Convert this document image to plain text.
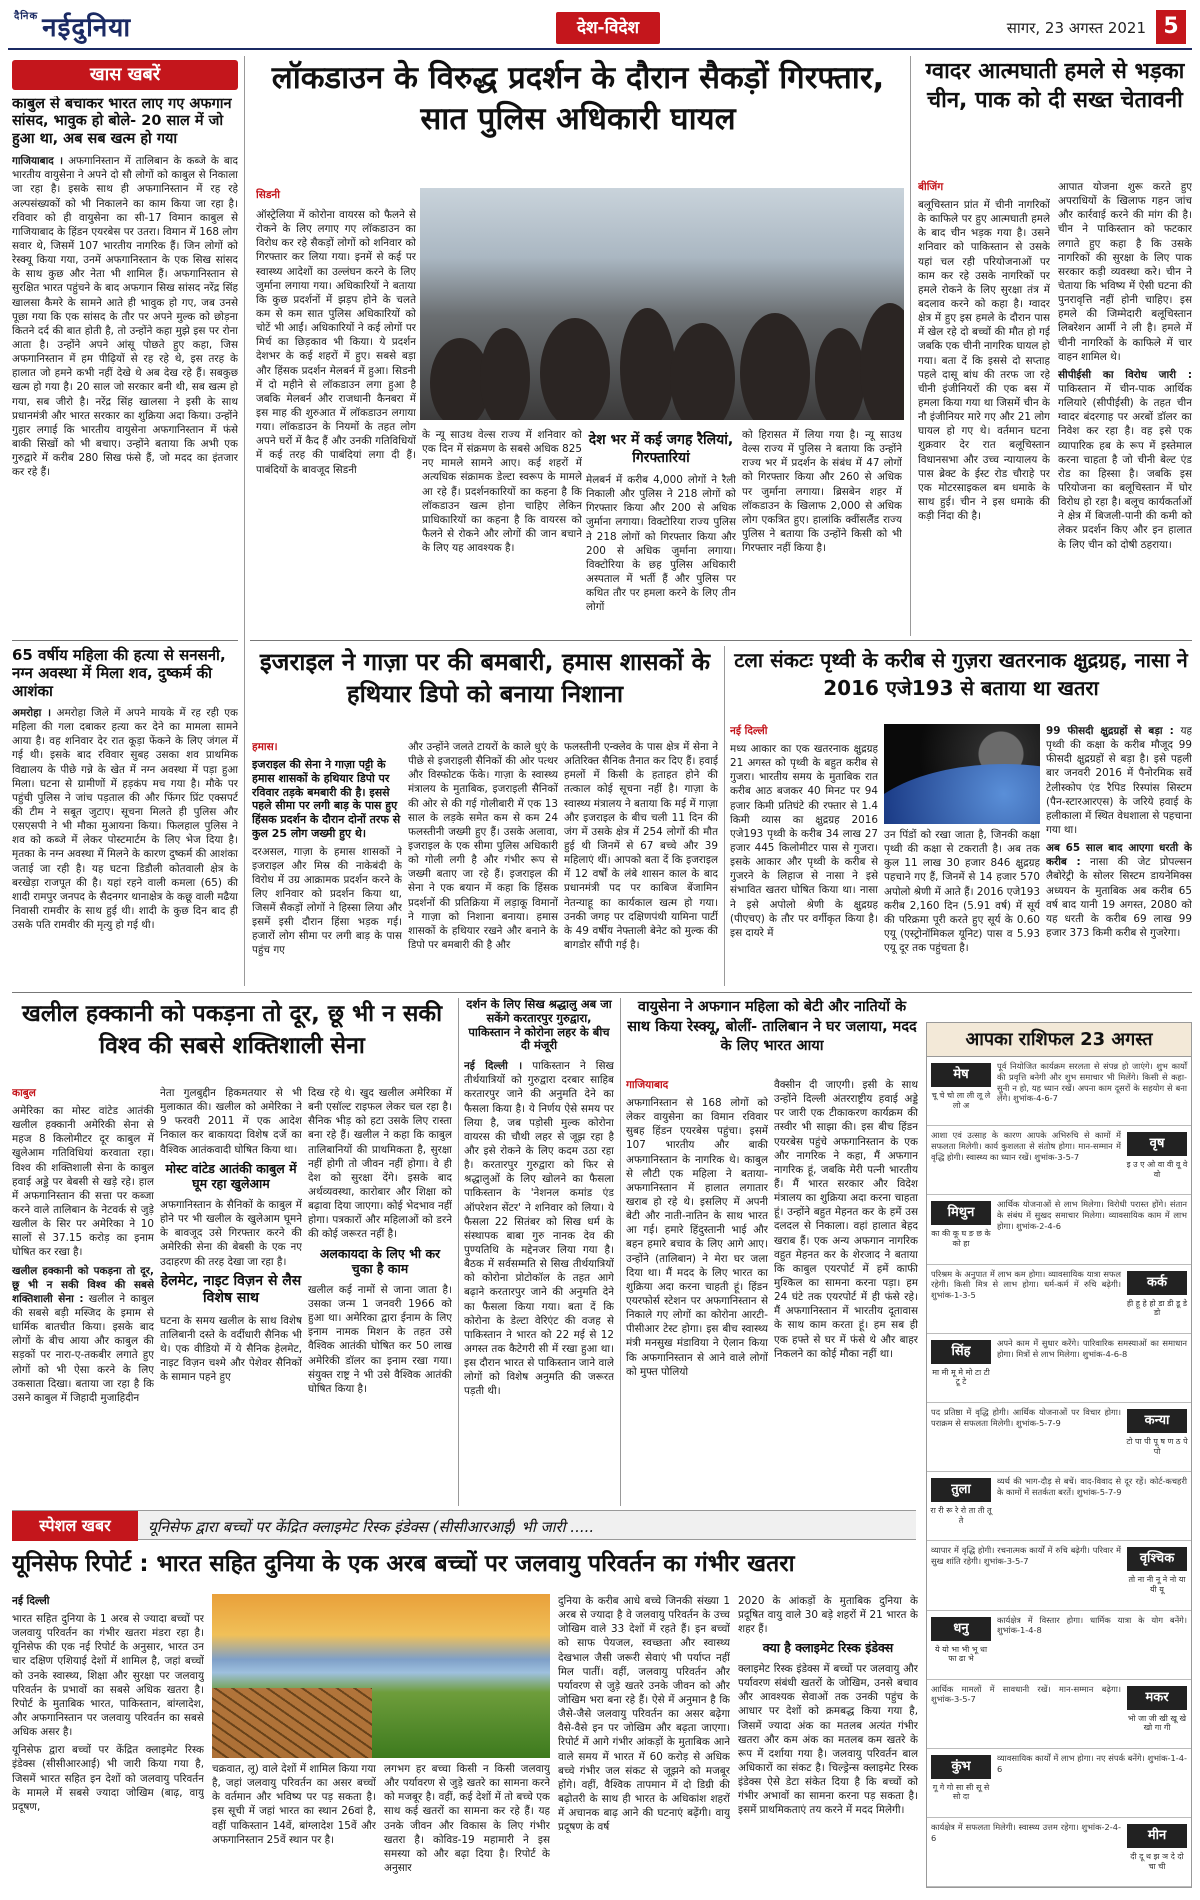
$^{दैनिक}$ नईदुनिया	देश-विदेश	सागर, 23 अगस्त 2021 5
खास खबरें
काबुल से बचाकर भारत लाए गए अफगान सांसद, भावुक हो बोले- 20 साल में जो हुआ था, अब सब खत्म हो गया

गाजियाबाद । अफगानिस्तान में तालिबान के कब्जे के बाद भारतीय वायुसेना ने अपने दो सौ लोगों को काबुल से निकाला जा रहा है। इसके साथ ही अफगानिस्तान में रह रहे अल्पसंख्यकों को भी निकालने का काम किया जा रहा है। रविवार को ही वायुसेना का सी-17 विमान काबुल से गाजियाबाद के हिंडन एयरबेस पर उतरा। विमान में 168 लोग सवार थे, जिसमें 107 भारतीय नागरिक हैं। जिन लोगों को रेस्क्यू किया गया, उनमें अफगानिस्तान के एक सिख सांसद के साथ कुछ और नेता भी शामिल हैं। अफगानिस्तान से सुरक्षित भारत पहुंचने के बाद अफगान सिख सांसद नरेंद्र सिंह खालसा कैमरे के सामने आते ही भावुक हो गए, जब उनसे पूछा गया कि एक सांसद के तौर पर अपने मुल्क को छोड़ना कितने दर्द की बात होती है, तो उन्होंने कहा मुझे इस पर रोना आता है। उन्होंने अपने आंसू पोछते हुए कहा, जिस अफगानिस्तान में हम पीढ़ियों से रह रहे थे, इस तरह के हालात जो हमने कभी नहीं देखे थे अब देख रहे हैं। सबकुछ खत्म हो गया है। 20 साल जो सरकार बनी थी, सब खत्म हो गया, सब जीरो है। नरेंद्र सिंह खालसा ने इसी के साथ प्रधानमंत्री और भारत सरकार का शुक्रिया अदा किया। उन्होंने गुहार लगाई कि भारतीय वायुसेना अफगानिस्तान में फंसे बाकी सिखों को भी बचाए। उन्होंने बताया कि अभी एक गुरुद्वारे में करीब 280 सिख फंसे हैं, जो मदद का इंतजार कर रहे हैं।

65 वर्षीय महिला की हत्या से सनसनी, नग्न अवस्था में मिला शव, दुष्कर्म की आशंका

अमरोहा । अमरोहा जिले में अपने मायके में रह रही एक महिला की गला दबाकर हत्या कर देने का मामला सामने आया है। वह शनिवार देर रात कूड़ा फेंकने के लिए जंगल में गई थी। इसके बाद रविवार सुबह उसका शव प्राथमिक विद्यालय के पीछे गन्ने के खेत में नग्न अवस्था में पड़ा हुआ मिला। घटना से ग्रामीणों में हड़कंप मच गया है। मौके पर पहुंची पुलिस ने जांच पड़ताल की और फिंगर प्रिंट एक्सपर्ट की टीम ने सबूत जुटाए। सूचना मिलते ही पुलिस और एसएसपी ने भी मौका मुआयना किया। फिलहाल पुलिस ने शव को कब्जे में लेकर पोस्टमार्टम के लिए भेज दिया है। मृतका के नग्न अवस्था में मिलने के कारण दुष्कर्म की आशंका जताई जा रही है। यह घटना डिडौली कोतवाली क्षेत्र के बरखेड़ा राजपूत की है। यहां रहने वाली कमला (65) की शादी रामपुर जनपद के सैदनगर थानाक्षेत्र के कछू वाली मढैया निवासी रामवीर के साथ हुई थी। शादी के कुछ दिन बाद ही उसके पति रामवीर की मृत्यु हो गई थी।

लॉकडाउन के विरुद्ध प्रदर्शन के दौरान सैकड़ों गिरफ्तार, सात पुलिस अधिकारी घायल
सिडनी

ऑस्ट्रेलिया में कोरोना वायरस को फैलने से रोकने के लिए लगाए गए लॉकडाउन का विरोध कर रहे सैकड़ों लोगों को शनिवार को गिरफ्तार कर लिया गया। इनमें से कई पर स्वास्थ्य आदेशों का उल्लंघन करने के लिए जुर्माना लगाया गया। अधिकारियों ने बताया कि कुछ प्रदर्शनों में झड़प होने के चलते कम से कम सात पुलिस अधिकारियों को चोटें भी आईं। अधिकारियों ने कई लोगों पर मिर्च का छिड़काव भी किया। ये प्रदर्शन देशभर के कई शहरों में हुए। सबसे बड़ा और हिंसक प्रदर्शन मेलबर्न में हुआ। सिडनी में दो महीने से लॉकडाउन लगा हुआ है जबकि मेलबर्न और राजधानी कैनबरा में इस माह की शुरुआत में लॉकडाउन लगाया गया। लॉकडाउन के नियमों के तहत लोग अपने घरों में कैद हैं और उनकी गतिविधियों में कई तरह की पाबंदियां लगा दी हैं। पाबंदियों के बावजूद सिडनी

के न्यू साउथ वेल्स राज्य में शनिवार को एक दिन में संक्रमण के सबसे अधिक 825 नए मामले सामने आए। कई शहरों में अत्यधिक संक्रामक डेल्टा स्वरूप के मामले आ रहे हैं। प्रदर्शनकारियों का कहना है कि लॉकडाउन खत्म होना चाहिए लेकिन प्राधिकारियों का कहना है कि वायरस को फैलने से रोकने और लोगों की जान बचाने के लिए यह आवश्यक है।

देश भर में कई जगह रैलियां, गिरफ्तारियां

मेलबर्न में करीब 4,000 लोगों ने रैली निकाली और पुलिस ने 218 लोगों को गिरफ्तार किया और 200 से अधिक जुर्माना लगाया। विक्टोरिया राज्य पुलिस ने 218 लोगों को गिरफ्तार किया और 200 से अधिक जुर्माना लगाया। विक्टोरिया के छह पुलिस अधिकारी अस्पताल में भर्ती हैं और पुलिस पर कथित तौर पर हमला करने के लिए तीन लोगों

को हिरासत में लिया गया है। न्यू साउथ वेल्स राज्य में पुलिस ने बताया कि उन्होंने राज्य भर में प्रदर्शन के संबंध में 47 लोगों को गिरफ्तार किया और 260 से अधिक पर जुर्माना लगाया। ब्रिसबेन शहर में लॉकडाउन के खिलाफ 2,000 से अधिक लोग एकत्रित हुए। हालांकि क्वींसलैंड राज्य पुलिस ने बताया कि उन्होंने किसी को भी गिरफ्तार नहीं किया है।

ग्वादर आत्मघाती हमले से भड़का चीन, पाक को दी सख्त चेतावनी
बीजिंग

बलूचिस्तान प्रांत में चीनी नागरिकों के काफिले पर हुए आत्मघाती हमले के बाद चीन भड़क गया है। उसने शनिवार को पाकिस्तान से उसके यहां चल रही परियोजनाओं पर काम कर रहे उसके नागरिकों पर हमले रोकने के लिए सुरक्षा तंत्र में बदलाव करने को कहा है। ग्वादर क्षेत्र में हुए इस हमले के दौरान पास में खेल रहे दो बच्चों की मौत हो गई जबकि एक चीनी नागरिक घायल हो गया। बता दें कि इससे दो सप्ताह पहले दासू बांध की तरफ जा रहे चीनी इंजीनियरों की एक बस में हमला किया गया था जिसमें चीन के नौ इंजीनियर मारे गए और 21 लोग घायल हो गए थे। वर्तमान घटना शुक्रवार देर रात बलूचिस्तान विधानसभा और उच्च न्यायालय के पास ब्रेक्ट के ईस्ट रोड चौराहे पर एक मोटरसाइकल बम धमाके के साथ हुई। चीन ने इस धमाके की कड़ी निंदा की है।

आपात योजना शुरू करते हुए अपराधियों के खिलाफ गहन जांच और कार्रवाई करने की मांग की है। चीन ने पाकिस्तान को फटकार लगाते हुए कहा है कि उसके नागरिकों की सुरक्षा के लिए पाक सरकार कड़ी व्यवस्था करे। चीन ने चेताया कि भविष्य में ऐसी घटना की पुनरावृत्ति नहीं होनी चाहिए। इस हमले की जिम्मेदारी बलूचिस्तान लिबरेशन आर्मी ने ली है। हमले में चीनी नागरिकों के काफिले में चार वाहन शामिल थे।

सीपीईसी का विरोध जारी : पाकिस्तान में चीन-पाक आर्थिक गलियारे (सीपीईसी) के तहत चीन ग्वादर बंदरगाह पर अरबों डॉलर का निवेश कर रहा है। वह इसे एक व्यापारिक हब के रूप में इस्तेमाल करना चाहता है जो चीनी बेल्ट एंड रोड का हिस्सा है। जबकि इस परियोजना का बलूचिस्तान में घोर विरोध हो रहा है। बलूच कार्यकर्ताओं ने क्षेत्र में बिजली-पानी की कमी को लेकर प्रदर्शन किए और इन हालात के लिए चीन को दोषी ठहराया।

इजराइल ने गाज़ा पर की बमबारी, हमास शासकों के हथियार डिपो को बनाया निशाना
हमास।
इजराइल की सेना ने गाज़ा पट्टी के हमास शासकों के हथियार डिपो पर रविवार तड़के बमबारी की है। इससे पहले सीमा पर लगी बाड़ के पास हुए हिंसक प्रदर्शन के दौरान दोनों तरफ से कुल 25 लोग जख्मी हुए थे।

दरअसल, गाज़ा के हमास शासकों ने इजराइल और मिस्र की नाकेबंदी के विरोध में उग्र आक्रामक प्रदर्शन करने के लिए शनिवार को प्रदर्शन किया था, जिसमें सैकड़ों लोगों ने हिस्सा लिया और इसमें इसी दौरान हिंसा भड़क गई। हजारों लोग सीमा पर लगी बाड़ के पास पहुंच गए

और उन्होंने जलते टायरों के काले धुएं के पीछे से इजराइली सैनिकों की ओर पत्थर और विस्फोटक फेंके। गाज़ा के स्वास्थ्य मंत्रालय के मुताबिक, इजराइली सैनिकों की ओर से की गई गोलीबारी में एक 13 साल के लड़के समेत कम से कम 24 फलस्तीनी जख्मी हुए हैं। उसके अलावा, इजराइल के एक सीमा पुलिस अधिकारी को गोली लगी है और गंभीर रूप से जख्मी बताए जा रहे हैं। इजराइल की सेना ने एक बयान में कहा कि हिंसक प्रदर्शनों की प्रतिक्रिया में लड़ाकू विमानों ने गाज़ा को निशाना बनाया। हमास शासकों के हथियार रखने और बनाने के डिपो पर बमबारी की है और

फलस्तीनी एन्क्लेव के पास क्षेत्र में सेना ने अतिरिक्त सैनिक तैनात कर दिए हैं। हवाई हमलों में किसी के हताहत होने की तत्काल कोई सूचना नहीं है। गाज़ा के स्वास्थ्य मंत्रालय ने बताया कि मई में गाज़ा और इजराइल के बीच चली 11 दिन की जंग में उसके क्षेत्र में 254 लोगों की मौत हुई थी जिनमें से 67 बच्चे और 39 महिलाएं थीं। आपको बता दें कि इजराइल में 12 वर्षों के लंबे शासन काल के बाद प्रधानमंत्री पद पर काबिज बेंजामिन नेतन्याहू का कार्यकाल खत्म हो गया। उनकी जगह पर दक्षिणपंथी यामिना पार्टी के 49 वर्षीय नेफ्ताली बेनेट को मुल्क की बागडोर सौंपी गई है।

टला संकटः पृथ्वी के करीब से गुज़रा खतरनाक क्षुद्रग्रह, नासा ने 2016 एजे193 से बताया था खतरा
नई दिल्ली

मध्य आकार का एक खतरनाक क्षुद्रग्रह 21 अगस्त को पृथ्वी के बहुत करीब से गुजरा। भारतीय समय के मुताबिक रात करीब आठ बजकर 40 मिनट पर 94 हजार किमी प्रतिघंटे की रफ्तार से 1.4 किमी व्यास का क्षुद्रग्रह 2016 एजे193 पृथ्वी के करीब 34 लाख 27 हजार 445 किलोमीटर पास से गुजरा। इसके आकार और पृथ्वी के करीब से गुजरने के लिहाज से नासा ने इसे संभावित खतरा घोषित किया था। नासा ने इसे अपोलो श्रेणी के क्षुद्रग्रह (पीएचए) के तौर पर वर्गीकृत किया है। इस दायरे में

उन पिंडों को रखा जाता है, जिनकी कक्षा पृथ्वी की कक्षा से टकराती है। अब तक कुल 11 लाख 30 हजार 846 क्षुद्रग्रह पहचाने गए हैं, जिनमें से 14 हजार 570 अपोलो श्रेणी में आते हैं। 2016 एजे193 करीब 2,160 दिन (5.91 वर्ष) में सूर्य की परिक्रमा पूरी करते हुए सूर्य के 0.60 एयू (एस्ट्रोनॉमिकल यूनिट) पास व 5.93 एयू दूर तक पहुंचता है।

99 फीसदी क्षुद्रग्रहों से बड़ा : यह पृथ्वी की कक्षा के करीब मौजूद 99 फीसदी क्षुद्रग्रहों से बड़ा है। इसे पहली बार जनवरी 2016 में पैनोरमिक सर्वे टेलीस्कोप एंड रैपिड रिस्पांस सिस्टम (पैन-स्टारआरएस) के जरिये हवाई के हलीकाला में स्थित वेधशाला से पहचाना गया था।

अब 65 साल बाद आएगा धरती के करीब : नासा की जेट प्रोपल्सन लैबोरेट्री के सोलर सिस्टम डायनेमिक्स अध्ययन के मुताबिक अब करीब 65 वर्ष बाद यानी 19 अगस्त, 2080 को यह धरती के करीब 69 लाख 99 हजार 373 किमी करीब से गुजरेगा।

खलील हक्कानी को पकड़ना तो दूर, छू भी न सकी विश्व की सबसे शक्तिशाली सेना
काबुल

अमेरिका का मोस्ट वांटेड आतंकी खलील हक्कानी अमेरिकी सेना से महज 8 किलोमीटर दूर काबुल में खुलेआम गतिविधियां करवाता रहा। विश्व की शक्तिशाली सेना के काबुल हवाई अड्डे पर बेबसी से खड़े रहे। हाल में अफगानिस्तान की सत्ता पर कब्जा करने वाले तालिबान के नेटवर्क से जुड़े खलील के सिर पर अमेरिका ने 10 सालों से 37.15 करोड़ का इनाम घोषित कर रखा है।

खलील हक्कानी को पकड़ना तो दूर, छू भी न सकी विश्व की सबसे शक्तिशाली सेना : खलील ने काबुल की सबसे बड़ी मस्जिद के इमाम से धार्मिक बातचीत किया। इसके बाद लोगों के बीच आया और काबुल की सड़कों पर नारा-ए-तकबीर लगाते हुए लोगों को भी ऐसा करने के लिए उकसाता दिखा। बताया जा रहा है कि उसने काबुल में जिहादी मुजाहिदीन

नेता गुलबुद्दीन हिकमतयार से भी मुलाकात की। खलील को अमेरिका ने 9 फरवरी 2011 में एक आदेश निकाल कर बाकायदा विशेष दर्जे का वैश्विक आतंकवादी घोषित किया था।

मोस्ट वांटेड आतंकी काबुल में घूम रहा खुलेआम

अफगानिस्तान के सैनिकों के काबुल में होने पर भी खलील के खुलेआम घूमने के बावजूद उसे गिरफ्तार करने की अमेरिकी सेना की बेबसी के एक नए उदाहरण की तरह देखा जा रहा है।

हेलमेट, नाइट विज़न से लैस विशेष साथ

घटना के समय खलील के साथ विशेष तालिबानी दस्ते के वर्दीधारी सैनिक भी थे। एक वीडियो में ये सैनिक हेलमेट, नाइट विज़न चश्मे और पेशेवर सैनिकों के सामान पहने हुए

दिख रहे थे। खुद खलील अमेरिका में बनी एसॉल्ट राइफल लेकर चल रहा है। सैनिक भीड़ को हटा उसके लिए रास्ता बना रहे हैं। खलील ने कहा कि काबुल तालिबानियों की प्राथमिकता है, सुरक्षा नहीं होगी तो जीवन नहीं होगा। वे ही देश को सुरक्षा देंगे। इसके बाद अर्थव्यवस्था, कारोबार और शिक्षा को बढ़ावा दिया जाएगा। कोई भेदभाव नहीं होगा। पत्रकारों और महिलाओं को डरने की कोई जरूरत नहीं है।

अलकायदा के लिए भी कर चुका है काम

खलील कई नामों से जाना जाता है। उसका जन्म 1 जनवरी 1966 को हुआ था। अमेरिका द्वारा ईनाम के लिए इनाम नामक मिशन के तहत उसे वैश्विक आतंकी घोषित कर 50 लाख अमेरिकी डॉलर का इनाम रखा गया। संयुक्त राष्ट्र ने भी उसे वैश्विक आतंकी घोषित किया है।

दर्शन के लिए सिख श्रद्धालु अब जा सकेंगे करतारपुर गुरुद्वारा, पाकिस्तान ने कोरोना लहर के बीच दी मंजूरी

नई दिल्ली । पाकिस्तान ने सिख तीर्थयात्रियों को गुरुद्वारा दरबार साहिब करतारपुर जाने की अनुमति देने का फैसला किया है। ये निर्णय ऐसे समय पर लिया है, जब पड़ोसी मुल्क कोरोना वायरस की चौथी लहर से जूझ रहा है और इसे रोकने के लिए कदम उठा रहा है। करतारपुर गुरुद्वारा को फिर से श्रद्धालुओं के लिए खोलने का फैसला पाकिस्तान के 'नेशनल कमांड एंड ऑपरेशन सेंटर' ने शनिवार को लिया। ये फैसला 22 सितंबर को सिख धर्म के संस्थापक बाबा गुरु नानक देव की पुण्यतिथि के मद्देनजर लिया गया है। बैठक में सर्वसम्मति से सिख तीर्थयात्रियों को कोरोना प्रोटोकॉल के तहत आगे बढ़ाने करतारपुर जाने की अनुमति देने का फैसला किया गया। बता दें कि कोरोना के डेल्टा वेरिएंट की वजह से पाकिस्तान ने भारत को 22 मई से 12 अगस्त तक कैटेगरी सी में रखा हुआ था। इस दौरान भारत से पाकिस्तान जाने वाले लोगों को विशेष अनुमति की जरूरत पड़ती थी।

वायुसेना ने अफगान महिला को बेटी और नातियों के साथ किया रेस्क्यू, बोलीं- तालिबान ने घर जलाया, मदद के लिए भारत आया
गाजियाबाद

अफगानिस्तान से 168 लोगों को लेकर वायुसेना का विमान रविवार सुबह हिंडन एयरबेस पहुंचा। इसमें 107 भारतीय और बाकी अफगानिस्तान के नागरिक थे। काबुल से लौटी एक महिला ने बताया- अफगानिस्तान में हालात लगातार खराब हो रहे थे। इसलिए में अपनी बेटी और नाती-नातिन के साथ भारत आ गई। हमारे हिंदुस्तानी भाई और बहन हमारे बचाव के लिए आगे आए। उन्होंने (तालिबान) ने मेरा घर जला दिया था। मैं मदद के लिए भारत का शुक्रिया अदा करना चाहती हूं। हिंडन एयरफोर्स स्टेशन पर अफगानिस्तान से निकाले गए लोगों का कोरोना आरटी-पीसीआर टेस्ट होगा। इस बीच स्वास्थ्य मंत्री मनसुख मंडाविया ने ऐलान किया कि अफगानिस्तान से आने वाले लोगों को मुफ्त पोलियो

वैक्सीन दी जाएगी। इसी के साथ उन्होंने दिल्ली अंतरराष्ट्रीय हवाई अड्डे पर जारी एक टीकाकरण कार्यक्रम की तस्वीर भी साझा की। इस बीच हिंडन एयरबेस पहुंचे अफगानिस्तान के एक और नागरिक ने कहा, मैं अफगान नागरिक हूं, जबकि मेरी पत्नी भारतीय हैं। मैं भारत सरकार और विदेश मंत्रालय का शुक्रिया अदा करना चाहता हूं। उन्होंने बहुत मेहनत कर के हमें उस दलदल से निकाला। वहां हालात बेहद खराब हैं। एक अन्य अफगान नागरिक वहुत मेहनत कर के शेरजाद ने बताया कि काबुल एयरपोर्ट में हमें काफी मुश्किल का सामना करना पड़ा। हम 24 घंटे तक एयरपोर्ट में ही फंसे रहे। मैं अफगानिस्तान में भारतीय दूतावास के साथ काम करता हूं। हम सब ही एक हफ्ते से घर में फंसे थे और बाहर निकलने का कोई मौका नहीं था।

आपका राशिफल 23 अगस्त
मेष
चू चे चो ला ली लू ले लो अ
पूर्व नियोजित कार्यक्रम सरलता से संपन्न हो जाएंगे। शुभ कार्यों की प्रवृत्ति बनेगी और शुभ समाचार भी मिलेंगे। किसी से कहा-सुनी न हो, यह ध्यान रखें। अपना काम दूसरों के सहयोग से बना लेंगे। शुभांक-4-6-7
वृष
इ उ ए ओ वा वी वू वे वो
आशा एवं उत्साह के कारण आपके अभिरुचि से कामों में सफलता मिलेगी। कार्य कुशलता से संतोष होगा। मान-सम्मान में वृद्धि होगी। स्वास्थ्य का ध्यान रखें। शुभांक-3-5-7
मिथुन
का की कू घ ङ छ के को हा
आर्थिक योजनाओं से लाभ मिलेगा। विरोधी परास्त होंगे। संतान के संबंध में सुखद समाचार मिलेगा। व्यावसायिक काम में लाभ होगा। शुभांक-2-4-6
कर्क
ही हू हे हो डा डी डू डे डो
परिश्रम के अनुपात में लाभ कम होगा। व्यावसायिक यात्रा सफल रहेगी। किसी मित्र से लाभ होगा। धर्म-कर्म में रुचि बढ़ेगी। शुभांक-1-3-5
सिंह
मा मी मू मे मो टा टी टू टे
अपने काम में सुधार करेंगे। पारिवारिक समस्याओं का समाधान होगा। मित्रों से लाभ मिलेगा। शुभांक-4-6-8
कन्या
टो पा पी पू ष ण ठ पे पो
पद प्रतिष्ठा में वृद्धि होगी। आर्थिक योजनाओं पर विचार होगा। पराक्रम से सफलता मिलेगी। शुभांक-5-7-9
तुला
रा री रू रे रो ता ती तू ते
व्यर्थ की भाग-दौड़ से बचें। वाद-विवाद से दूर रहें। कोर्ट-कचहरी के कामों में सतर्कता बरतें। शुभांक-5-7-9
वृश्चिक
तो ना नी नू ने नो या यी यू
व्यापार में वृद्धि होगी। रचनात्मक कार्यों में रुचि बढ़ेगी। परिवार में सुख शांति रहेगी। शुभांक-3-5-7
धनु
ये यो भा भी भू धा फा ढा भे
कार्यक्षेत्र में विस्तार होगा। धार्मिक यात्रा के योग बनेंगे। शुभांक-1-4-8
मकर
भो जा जी खी खू खे खो गा गी
आर्थिक मामलों में सावधानी रखें। मान-सम्मान बढ़ेगा। शुभांक-3-5-7
कुंभ
गू गे गो सा सी सू से सो दा
व्यावसायिक कार्यों में लाभ होगा। नए संपर्क बनेंगे। शुभांक-1-4-6
मीन
दी दू थ झ ञ दे दो चा ची
कार्यक्षेत्र में सफलता मिलेगी। स्वास्थ्य उत्तम रहेगा। शुभांक-2-4-6
स्पेशल खबर	यूनिसेफ द्वारा बच्चों पर केंद्रित क्लाइमेट रिस्क इंडेक्स (सीसीआरआई) भी जारी .....
यूनिसेफ रिपोर्ट : भारत सहित दुनिया के एक अरब बच्चों पर जलवायु परिवर्तन का गंभीर खतरा
नई दिल्ली

भारत सहित दुनिया के 1 अरब से ज्यादा बच्चों पर जलवायु परिवर्तन का गंभीर खतरा मंडरा रहा है। यूनिसेफ की एक नई रिपोर्ट के अनुसार, भारत उन चार दक्षिण एशियाई देशों में शामिल है, जहां बच्चों को उनके स्वास्थ्य, शिक्षा और सुरक्षा पर जलवायु परिवर्तन के प्रभावों का सबसे अधिक खतरा है। रिपोर्ट के मुताबिक भारत, पाकिस्तान, बांग्लादेश, और अफगानिस्तान पर जलवायु परिवर्तन का सबसे अधिक असर है।

यूनिसेफ द्वारा बच्चों पर केंद्रित क्लाइमेट रिस्क इंडेक्स (सीसीआरआई) भी जारी किया गया है, जिसमें भारत सहित इन देशों को जलवायु परिवर्तन के मामले में सबसे ज्यादा जोखिम (बाढ़, वायु प्रदूषण,

चक्रवात, लू) वाले देशों में शामिल किया गया है, जहां जलवायु परिवर्तन का असर बच्चों के वर्तमान और भविष्य पर पड़ सकता है। इस सूची में जहां भारत का स्थान 26वां है, वहीं पाकिस्तान 14वें, बांग्लादेश 15वें और अफगानिस्तान 25वें स्थान पर है।

लगभग हर बच्चा किसी न किसी जलवायु और पर्यावरण से जुड़े खतरे का सामना करने को मजबूर है। वहीं, कई देशों में तो बच्चे एक साथ कई खतरों का सामना कर रहे हैं। यह उनके जीवन और विकास के लिए गंभीर खतरा है। कोविड-19 महामारी ने इस समस्या को और बढ़ा दिया है। रिपोर्ट के अनुसार

दुनिया के करीब आधे बच्चे जिनकी संख्या 1 अरब से ज्यादा है वे जलवायु परिवर्तन के उच्च जोखिम वाले 33 देशों में रहते हैं। इन बच्चों को साफ पेयजल, स्वच्छता और स्वास्थ्य देखभाल जैसी जरूरी सेवाएं भी पर्याप्त नहीं मिल पातीं। वहीं, जलवायु परिवर्तन और पर्यावरण से जुड़े खतरे उनके जीवन को और जोखिम भरा बना रहे हैं। ऐसे में अनुमान है कि जैसे-जैसे जलवायु परिवर्तन का असर बढ़ेगा वैसे-वैसे इन पर जोखिम और बढ़ता जाएगा। रिपोर्ट में आगे गंभीर आंकड़ों के मुताबिक आने वाले समय में भारत में 60 करोड़ से अधिक बच्चे गंभीर जल संकट से जूझने को मजबूर होंगे। वहीं, वैश्विक तापमान में दो डिग्री की बढ़ोतरी के साथ ही भारत के अधिकांश शहरों में अचानक बाढ़ आने की घटनाएं बढ़ेंगी। वायु प्रदूषण के वर्ष

2020 के आंकड़ों के मुताबिक दुनिया के प्रदूषित वायु वाले 30 बड़े शहरों में 21 भारत के शहर हैं।

क्या है क्लाइमेट रिस्क इंडेक्स

क्लाइमेट रिस्क इंडेक्स में बच्चों पर जलवायु और पर्यावरण संबंधी खतरों के जोखिम, उनसे बचाव और आवश्यक सेवाओं तक उनकी पहुंच के आधार पर देशों को क्रमबद्ध किया गया है, जिसमें ज्यादा अंक का मतलब अत्यंत गंभीर खतरा और कम अंक का मतलब कम खतरे के रूप में दर्शाया गया है। जलवायु परिवर्तन बाल अधिकारों का संकट है। चिल्ड्रेन्स क्लाइमेट रिस्क इंडेक्स ऐसे डेटा संकेत दिया है कि बच्चों को गंभीर अभावों का सामना करना पड़ सकता है। इसमें प्राथमिकताएं तय करने में मदद मिलेगी।
